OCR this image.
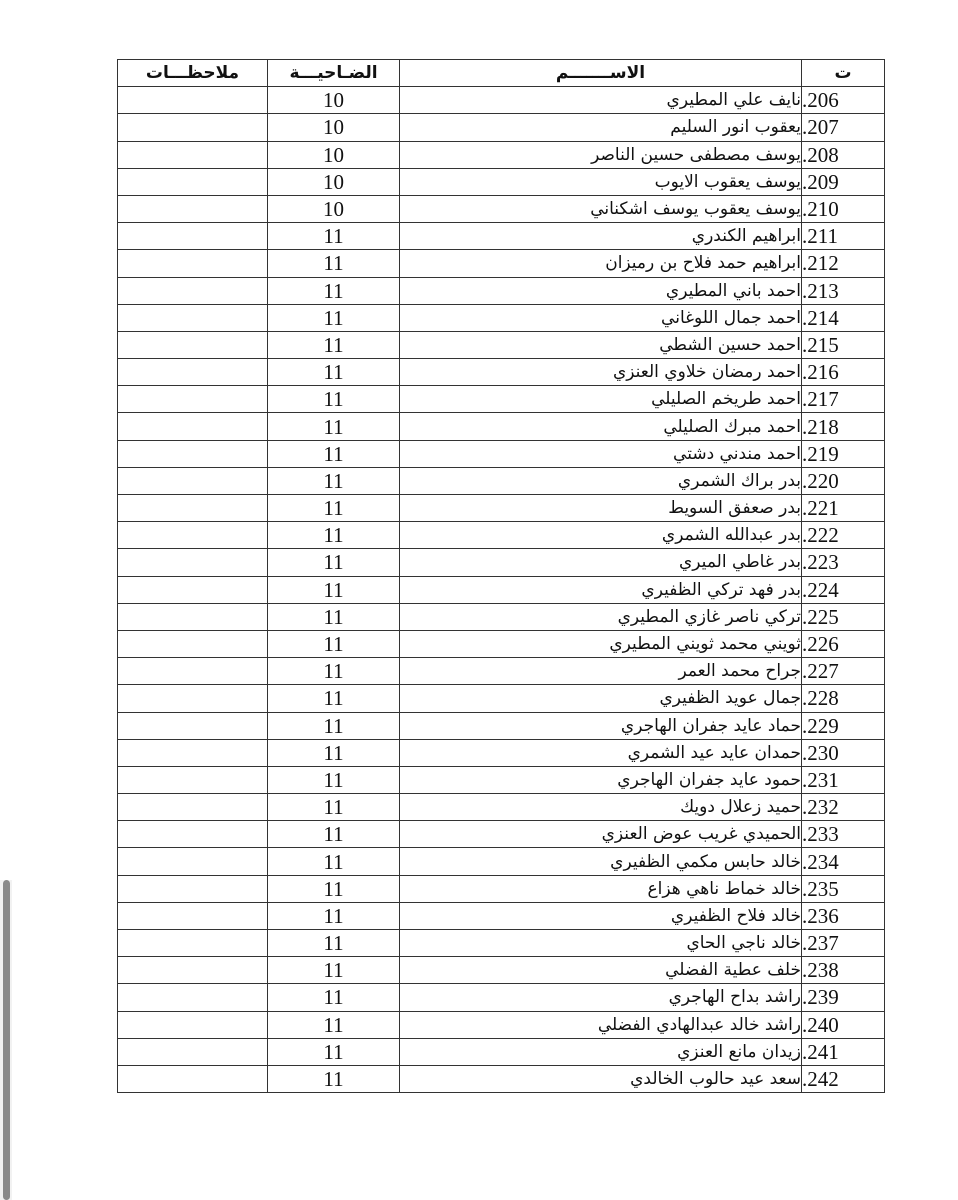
ملاحظـــات	الضـاحيـــة	الاســـــــم	ت
	10	نايف علي المطيري	.206
	10	يعقوب انور السليم	.207
	10	يوسف مصطفى حسين الناصر	.208
	10	يوسف يعقوب الايوب	.209
	10	يوسف يعقوب يوسف اشكناني	.210
	11	ابراهيم الكندري	.211
	11	ابراهيم حمد فلاح بن رميزان	.212
	11	احمد باني المطيري	.213
	11	احمد جمال اللوغاني	.214
	11	احمد حسين الشطي	.215
	11	احمد رمضان خلاوي العنزي	.216
	11	احمد طريخم الصليلي	.217
	11	احمد مبرك الصليلي	.218
	11	احمد مندني دشتي	.219
	11	بدر براك الشمري	.220
	11	بدر صعفق السويط	.221
	11	بدر عبدالله الشمري	.222
	11	بدر غاطي الميري	.223
	11	بدر فهد تركي الظفيري	.224
	11	تركي ناصر غازي المطيري	.225
	11	ثويني محمد ثويني المطيري	.226
	11	جراح محمد العمر	.227
	11	جمال عويد الظفيري	.228
	11	حماد عايد جفران الهاجري	.229
	11	حمدان عايد عيد الشمري	.230
	11	حمود عايد جفران الهاجري	.231
	11	حميد زعلال دويك	.232
	11	الحميدي غريب عوض العنزي	.233
	11	خالد حابس مكمي الظفيري	.234
	11	خالد خماط ناهي هزاع	.235
	11	خالد فلاح الظفيري	.236
	11	خالد ناجي الحاي	.237
	11	خلف عطية الفضلي	.238
	11	راشد بداح الهاجري	.239
	11	راشد خالد عبدالهادي الفضلي	.240
	11	زيدان مانع العنزي	.241
	11	سعد عيد حالوب الخالدي	.242
